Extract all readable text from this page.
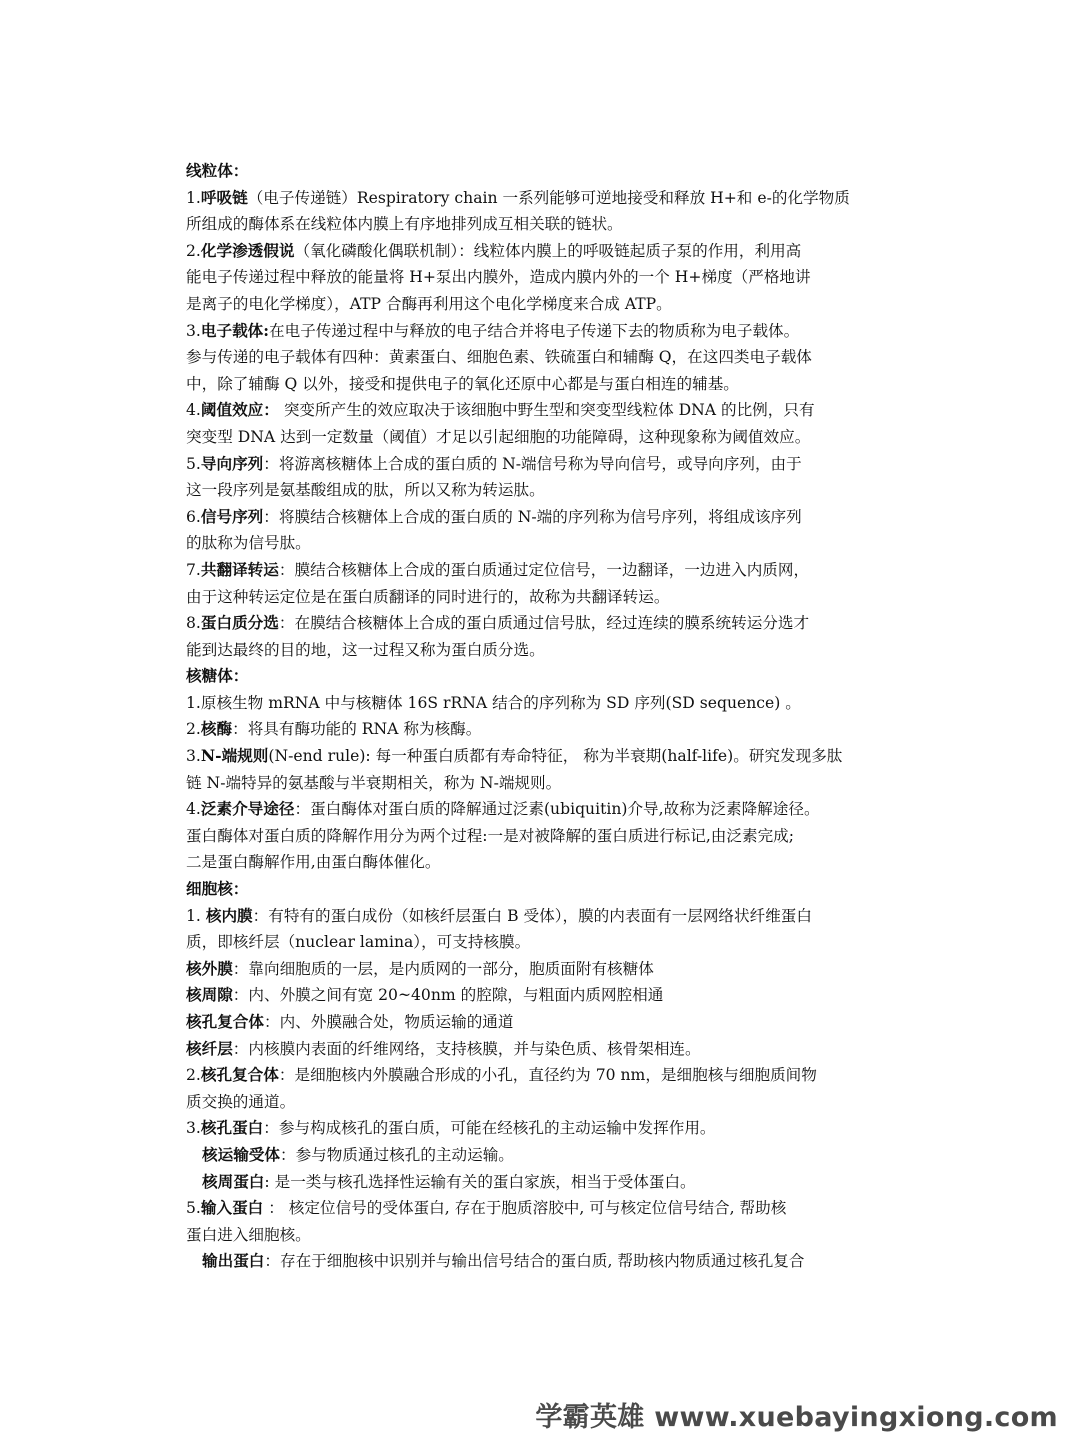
线粒体：

1.呼吸链（电子传递链）Respiratory chain 一系列能够可逆地接受和释放 H+和 e-的化学物质

所组成的酶体系在线粒体内膜上有序地排列成互相关联的链状。

2.化学渗透假说（氧化磷酸化偶联机制）：线粒体内膜上的呼吸链起质子泵的作用，利用高

能电子传递过程中释放的能量将 H+泵出内膜外，造成内膜内外的一个 H+梯度（严格地讲

是离子的电化学梯度），ATP 合酶再利用这个电化学梯度来合成 ATP。

3.电子载体:在电子传递过程中与释放的电子结合并将电子传递下去的物质称为电子载体。

参与传递的电子载体有四种：黄素蛋白、细胞色素、铁硫蛋白和辅酶 Q，在这四类电子载体

中，除了辅酶 Q 以外，接受和提供电子的氧化还原中心都是与蛋白相连的辅基。

4.阈值效应： 突变所产生的效应取决于该细胞中野生型和突变型线粒体 DNA 的比例，只有

突变型 DNA 达到一定数量（阈值）才足以引起细胞的功能障碍，这种现象称为阈值效应。

5.导向序列：将游离核糖体上合成的蛋白质的 N-端信号称为导向信号，或导向序列，由于

这一段序列是氨基酸组成的肽，所以又称为转运肽。

6.信号序列：将膜结合核糖体上合成的蛋白质的 N-端的序列称为信号序列，将组成该序列

的肽称为信号肽。

7.共翻译转运：膜结合核糖体上合成的蛋白质通过定位信号，一边翻译，一边进入内质网，

由于这种转运定位是在蛋白质翻译的同时进行的，故称为共翻译转运。

8.蛋白质分选：在膜结合核糖体上合成的蛋白质通过信号肽，经过连续的膜系统转运分选才

能到达最终的目的地，这一过程又称为蛋白质分选。

核糖体：

1.原核生物 mRNA 中与核糖体 16S rRNA 结合的序列称为 SD 序列(SD sequence) 。

2.核酶：将具有酶功能的 RNA 称为核酶。

3.N-端规则(N-end rule): 每一种蛋白质都有寿命特征， 称为半衰期(half-life)。研究发现多肽

链 N-端特异的氨基酸与半衰期相关，称为 N-端规则。

4.泛素介导途径：蛋白酶体对蛋白质的降解通过泛素(ubiquitin)介导,故称为泛素降解途径。

蛋白酶体对蛋白质的降解作用分为两个过程:一是对被降解的蛋白质进行标记,由泛素完成;

二是蛋白酶解作用,由蛋白酶体催化。

细胞核：

1. 核内膜：有特有的蛋白成份（如核纤层蛋白 B 受体），膜的内表面有一层网络状纤维蛋白

质，即核纤层（nuclear lamina），可支持核膜。

核外膜：靠向细胞质的一层，是内质网的一部分，胞质面附有核糖体

核周隙：内、外膜之间有宽 20~40nm 的腔隙，与粗面内质网腔相通

核孔复合体：内、外膜融合处，物质运输的通道

核纤层：内核膜内表面的纤维网络，支持核膜，并与染色质、核骨架相连。

2.核孔复合体：是细胞核内外膜融合形成的小孔，直径约为 70 nm，是细胞核与细胞质间物

质交换的通道。

3.核孔蛋白：参与构成核孔的蛋白质，可能在经核孔的主动运输中发挥作用。

核运输受体：参与物质通过核孔的主动运输。

核周蛋白: 是一类与核孔选择性运输有关的蛋白家族，相当于受体蛋白。

5.输入蛋白 ： 核定位信号的受体蛋白, 存在于胞质溶胶中, 可与核定位信号结合, 帮助核

蛋白进入细胞核。

输出蛋白：存在于细胞核中识别并与输出信号结合的蛋白质, 帮助核内物质通过核孔复合

学霸英雄 www.xuebayingxiong.com
